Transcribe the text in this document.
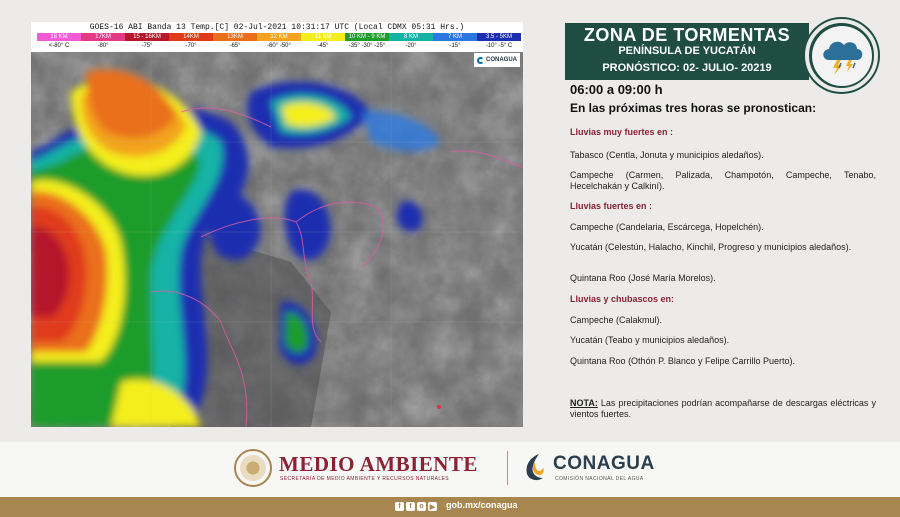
GOES-16 ABI Banda 13 Temp.[C] 02-Jul-2021 10:31:17 UTC (Local CDMX 05:31 Hrs.)
18 KM
<-80° C
17KM
-80°
15 - 16KM
-75°
14KM
-70°
13KM
-65°
12 KM
-60° -50°
11 KM
-45°
10 KM - 9 KM
-35° -30° -25°
8 KM
-20°
7 KM
-15°
3.5 - 5KM
-10° -5° C
CONAGUA
ZONA DE TORMENTAS
PENÍNSULA DE YUCATÁN
PRONÓSTICO: 02- JULIO- 20219
06:00 a 09:00 h
En las próximas tres horas se pronostican:
Lluvias muy fuertes en :
Tabasco (Centla, Jonuta y municipios aledaños).
Campeche (Carmen, Palizada, Champotón, Campeche, Tenabo, Hecelchakán y Calkiní).
Lluvias fuertes en :
Campeche (Candelaria, Escárcega, Hopelchén).
Yucatán (Celestún, Halacho, Kinchil, Progreso y municipios aledaños).
Quintana Roo (José María Morelos).
Lluvias y chubascos en:
Campeche (Calakmul).
Yucatán (Teabo y municipios aledaños).
Quintana Roo (Othón P. Blanco y Felipe Carrillo Puerto).
NOTA: Las precipitaciones podrían acompañarse de descargas eléctricas y vientos fuertes.
MEDIO AMBIENTE
SECRETARÍA DE MEDIO AMBIENTE Y RECURSOS NATURALES
CONAGUA
COMISIÓN NACIONAL DEL AGUA
f	t	o ▶ gob.mx/conagua
